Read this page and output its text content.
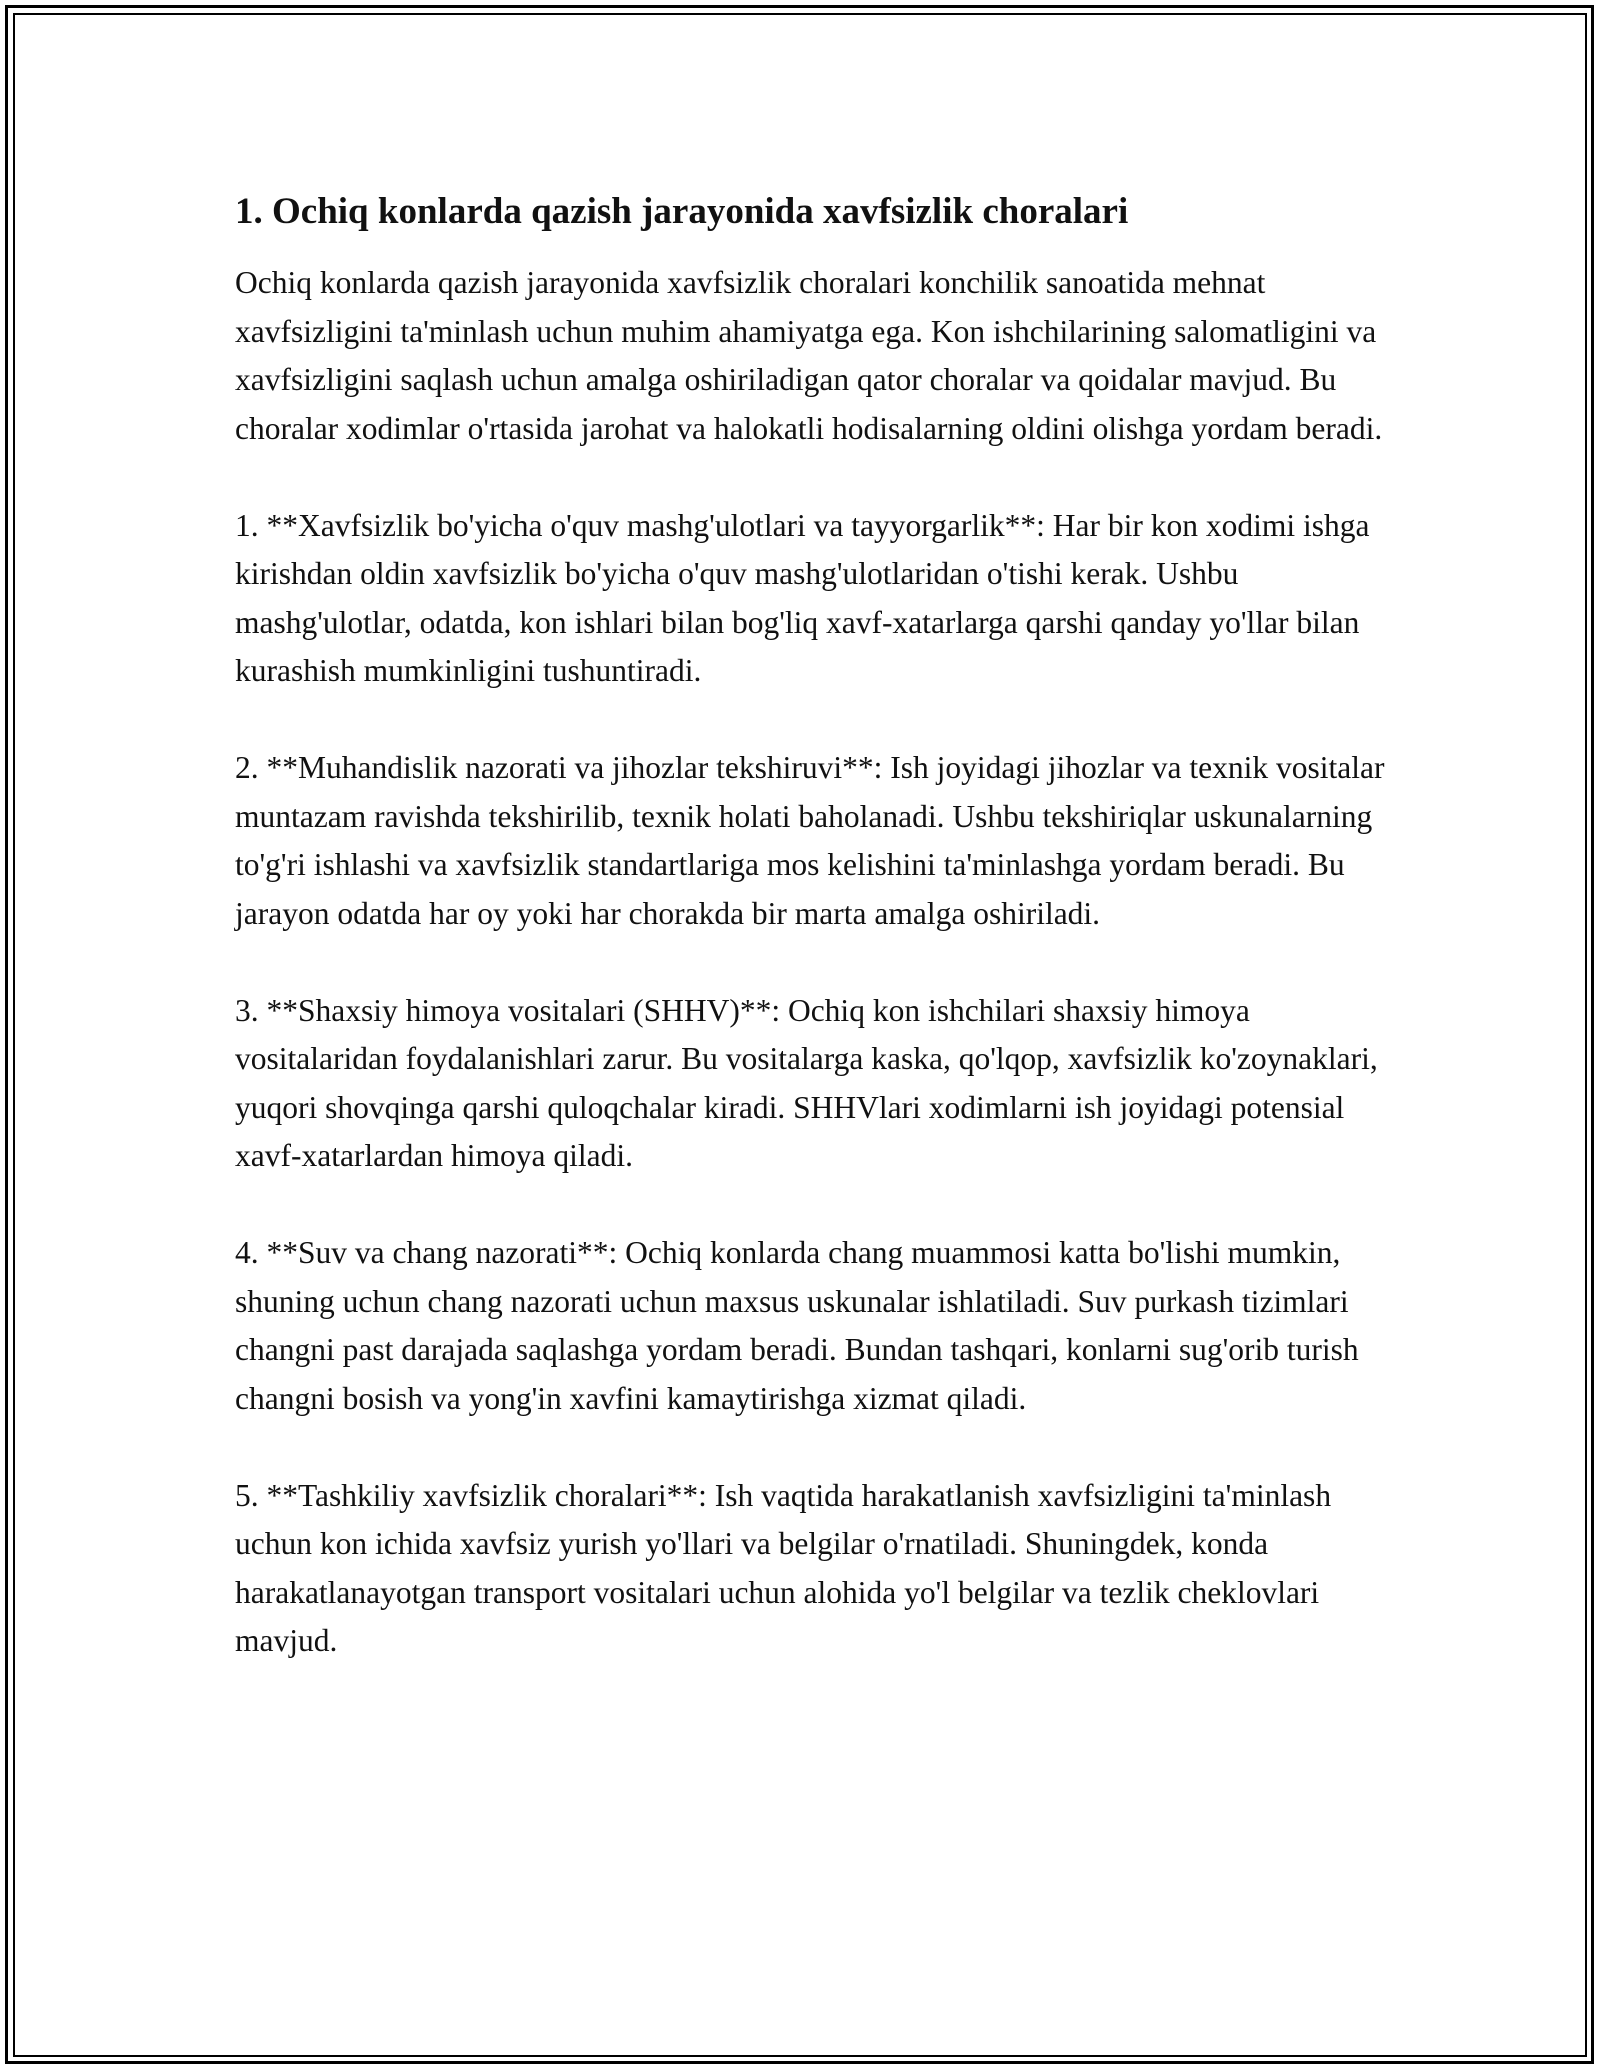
1. Ochiq konlarda qazish jarayonida xavfsizlik choralari

Ochiq konlarda qazish jarayonida xavfsizlik choralari konchilik sanoatida mehnat xavfsizligini ta'minlash uchun muhim ahamiyatga ega. Kon ishchilarining salomatligini va xavfsizligini saqlash uchun amalga oshiriladigan qator choralar va qoidalar mavjud. Bu choralar xodimlar o'rtasida jarohat va halokatli hodisalarning oldini olishga yordam beradi.

1. **Xavfsizlik bo'yicha o'quv mashg'ulotlari va tayyorgarlik**: Har bir kon xodimi ishga kirishdan oldin xavfsizlik bo'yicha o'quv mashg'ulotlaridan o'tishi kerak. Ushbu mashg'ulotlar, odatda, kon ishlari bilan bog'liq xavf-xatarlarga qarshi qanday yo'llar bilan kurashish mumkinligini tushuntiradi.

2. **Muhandislik nazorati va jihozlar tekshiruvi**: Ish joyidagi jihozlar va texnik vositalar muntazam ravishda tekshirilib, texnik holati baholanadi. Ushbu tekshiriqlar uskunalarning to'g'ri ishlashi va xavfsizlik standartlariga mos kelishini ta'minlashga yordam beradi. Bu jarayon odatda har oy yoki har chorakda bir marta amalga oshiriladi.

3. **Shaxsiy himoya vositalari (SHHV)**: Ochiq kon ishchilari shaxsiy himoya vositalaridan foydalanishlari zarur. Bu vositalarga kaska, qo'lqop, xavfsizlik ko'zoynaklari, yuqori shovqinga qarshi quloqchalar kiradi. SHHVlari xodimlarni ish joyidagi potensial xavf-xatarlardan himoya qiladi.

4. **Suv va chang nazorati**: Ochiq konlarda chang muammosi katta bo'lishi mumkin, shuning uchun chang nazorati uchun maxsus uskunalar ishlatiladi. Suv purkash tizimlari changni past darajada saqlashga yordam beradi. Bundan tashqari, konlarni sug'orib turish changni bosish va yong'in xavfini kamaytirishga xizmat qiladi.

5. **Tashkiliy xavfsizlik choralari**: Ish vaqtida harakatlanish xavfsizligini ta'minlash uchun kon ichida xavfsiz yurish yo'llari va belgilar o'rnatiladi. Shuningdek, konda harakatlanayotgan transport vositalari uchun alohida yo'l belgilar va tezlik cheklovlari mavjud.
